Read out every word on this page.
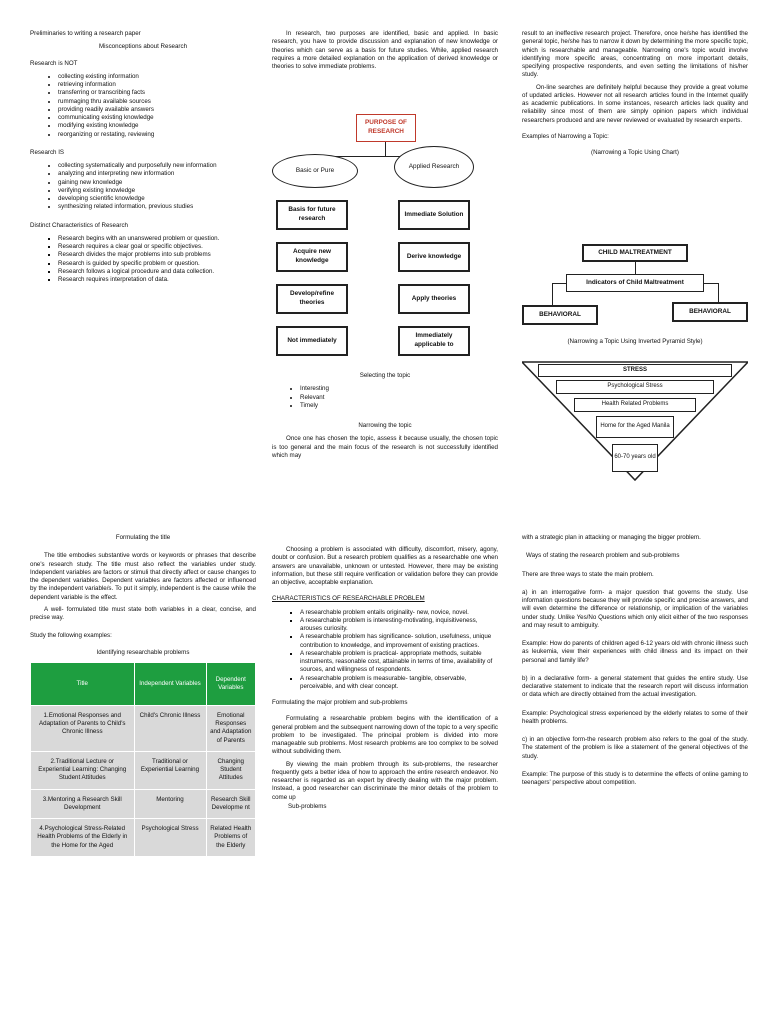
Preliminaries to writing a research paper

Misconceptions about Research

Research is NOT

• collecting existing information
• retrieving information
• transferring or transcribing facts
• rummaging thru available sources
• providing readily available answers
• communicating existing knowledge
• modifying existing knowledge
• reorganizing or restating, reviewing

Research IS

• collecting systematically and purposefully new information
• analyzing and interpreting new information
• gaining new knowledge
• verifying existing knowledge
• developing scientific knowledge
• synthesizing related information, previous studies

Distinct Characteristics of Research

▪ Research begins with an unanswered problem or question.
▪ Research requires a clear goal or specific objectives.
▪ Research divides the major problems into sub problems
▪ Research is guided by specific problem or question.
▪ Research follows a logical procedure and data collection.
▪ Research requires interpretation of data.

In research, two purposes are identified, basic and applied. In basic research, you have to provide discussion and explanation of new knowledge or theories which can serve as a basis for future studies. While, applied research requires a more detailed explanation on the application of derived knowledge or theories to solve immediate problems.

PURPOSE OF RESEARCH
Basic or Pure
Applied Research
Basis for future research
Acquire new knowledge
Develop/refine theories
Not immediately
Immediate Solution
Derive knowledge
Apply theories
Immediately applicable to

Selecting the topic

• Interesting
• Relevant
• Timely

Narrowing the topic

Once one has chosen the topic, assess it because usually, the chosen topic is too general and the main focus of the research is not successfully identified which may

result to an ineffective research project. Therefore, once he/she has identified the general topic, he/she has to narrow it down by determining the more specific topic, which is researchable and manageable. Narrowing one's topic would involve identifying more specific areas, concentrating on more important details, specifying prospective respondents, and even setting the limitations of his/her study.

On-line searches are definitely helpful because they provide a great volume of updated articles. However not all research articles found in the Internet qualify as academic publications. In some instances, research articles lack quality and reliability since most of them are simply opinion papers which individual researchers produced and are never reviewed or evaluated by research experts.

Examples of Narrowing a Topic:

(Narrowing a Topic Using Chart)

CHILD MALTREATMENT
Indicators of Child Maltreatment
BEHAVIORAL	BEHAVIORAL

(Narrowing a Topic Using Inverted Pyramid Style)

STRESS
Psychological Stress
Health Related Problems
Home for the Aged Manila
60-70 years old

Formulating the title

The title embodies substantive words or keywords or phrases that describe one's research study. The title must also reflect the variables under study. Independent variables are factors or stimuli that directly affect or cause changes to the dependent variables. Dependent variables are factors affected or influenced by the independent variable/s. To put it simply, independent is the cause while the dependent variable is the effect.

A well- formulated title must state both variables in a clear, concise, and precise way.

Study the following examples:

Identifying researchable problems

Title	Independent Variables	Dependent Variables
1.Emotional Responses and Adaptation of Parents to Child's Chronic Illness	Child's Chronic Illness	Emotional Responses and Adaptation of Parents
2.Traditional Lecture or Experiential Learning: Changing Student Attitudes	Traditional or Experiential Learning	Changing Student Attitudes
3.Mentoring a Research Skill Development	Mentoring	Research Skill Developme nt
4.Psychological Stress-Related Health Problems of the Elderly in the Home for the Aged	Psychological Stress	Related Health Problems of the Elderly

Choosing a problem is associated with difficulty, discomfort, misery, agony, doubt or confusion. But a research problem qualifies as a researchable one when answers are unavailable, unknown or untested. However, there may be existing information, but these still require verification or validation before they can provide an objective, acceptable explanation.

CHARACTERISTICS OF RESEARCHABLE PROBLEM

▪ A researchable problem entails originality- new, novice, novel.
▪ A researchable problem is interesting-motivating, inquisitiveness, arouses curiosity.
▪ A researchable problem has significance- solution, usefulness, unique contribution to knowledge, and improvement of existing practices.
▪ A researchable problem is practical- appropriate methods, suitable instruments, reasonable cost, attainable in terms of time, availability of sources, and willingness of respondents.
▪ A researchable problem is measurable- tangible, observable, perceivable, and with clear concept.

Formulating the major problem and sub-problems

Formulating a researchable problem begins with the identification of a general problem and the subsequent narrowing down of the topic to a very specific problem to be investigated. The principal problem is divided into more manageable sub problems. Most research problems are too complex to be solved without subdividing them.

By viewing the main problem through its sub-problems, the researcher frequently gets a better idea of how to approach the entire research endeavor. No researcher is regarded as an expert by directly dealing with the major problem. Instead, a good researcher can discriminate the minor details of the problem to come up

Sub-problems

with a strategic plan in attacking or managing the bigger problem.

Ways of stating the research problem and sub-problems

There are three ways to state the main problem.

a) in an interrogative form- a major question that governs the study. Use information questions because they will provide specific and precise answers, and will even determine the difference or relationship, or implication of the variables under study. Unlike Yes/No Questions which only elicit either of the two responses and may result to ambiguity.

Example: How do parents of children aged 6-12 years old with chronic illness such as leukemia, view their experiences with child illness and its impact on their personal and family life?

b) in a declarative form- a general statement that guides the entire study. Use declarative statement to indicate that the research report will discuss information or data which are directly obtained from the actual investigation.

Example: Psychological stress experienced by the elderly relates to some of their health problems.

c) in an objective form-the research problem also refers to the goal of the study. The statement of the problem is like a statement of the general objectives of the study.

Example: The purpose of this study is to determine the effects of online gaming to teenagers' perspective about competition.
